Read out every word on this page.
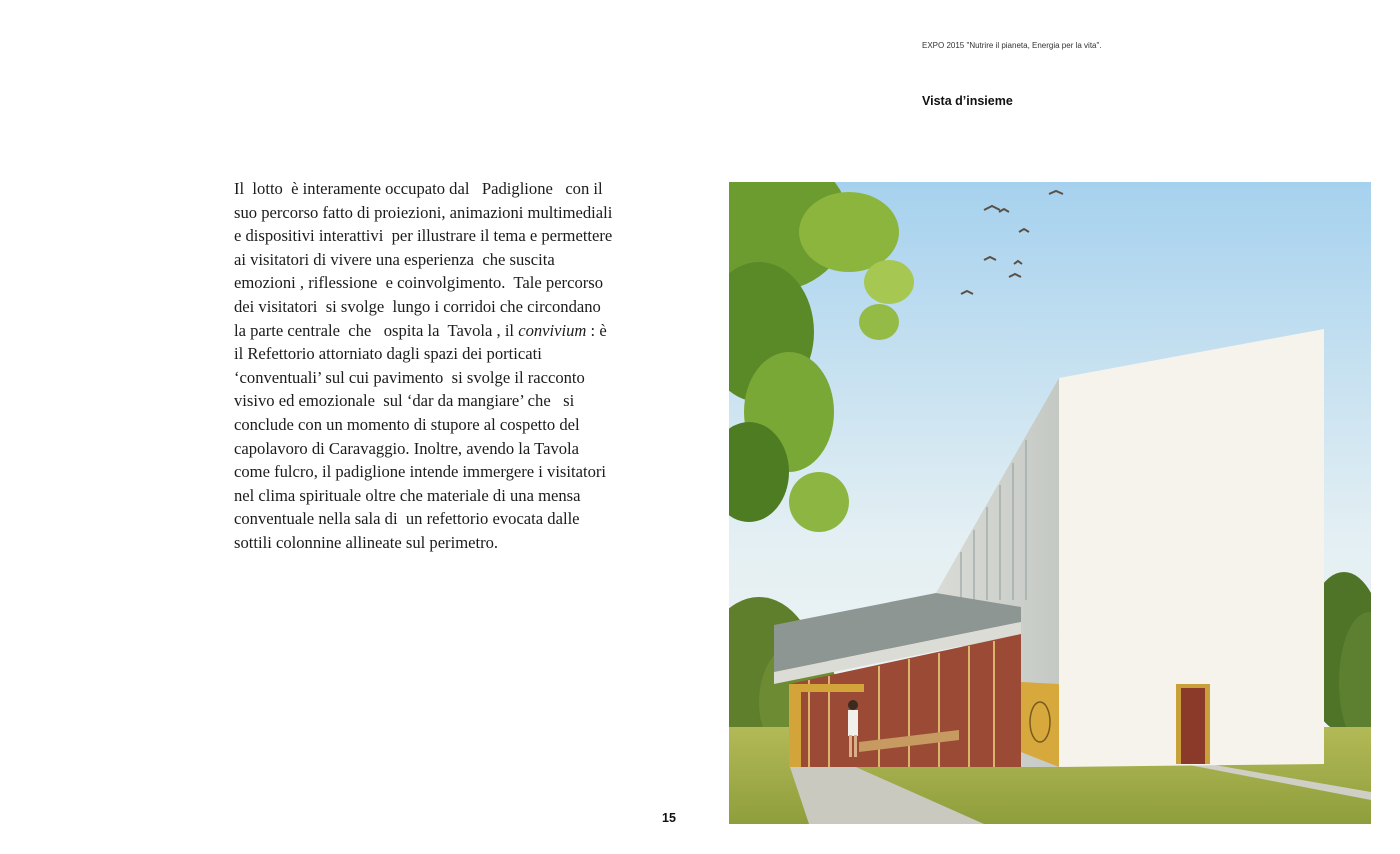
EXPO 2015 "Nutrire il pianeta, Energia per la vita".
Vista d’insieme

Il  lotto  è interamente occupato dal   Padiglione   con il
suo percorso fatto di proiezioni, animazioni multimediali
e dispositivi interattivi  per illustrare il tema e permettere
ai visitatori di vivere una esperienza  che suscita
emozioni , riflessione  e coinvolgimento.  Tale percorso
dei visitatori  si svolge  lungo i corridoi che circondano
la parte centrale  che   ospita la  Tavola , il convivium : è
il Refettorio attorniato dagli spazi dei porticati
‘conventuali’ sul cui pavimento  si svolge il racconto
visivo ed emozionale  sul ‘dar da mangiare’ che   si
conclude con un momento di stupore al cospetto del
capolavoro di Caravaggio. Inoltre, avendo la Tavola
come fulcro, il padiglione intende immergere i visitatori
nel clima spirituale oltre che materiale di una mensa
conventuale nella sala di  un refettorio evocata dalle
sottili colonnine allineate sul perimetro.

15
